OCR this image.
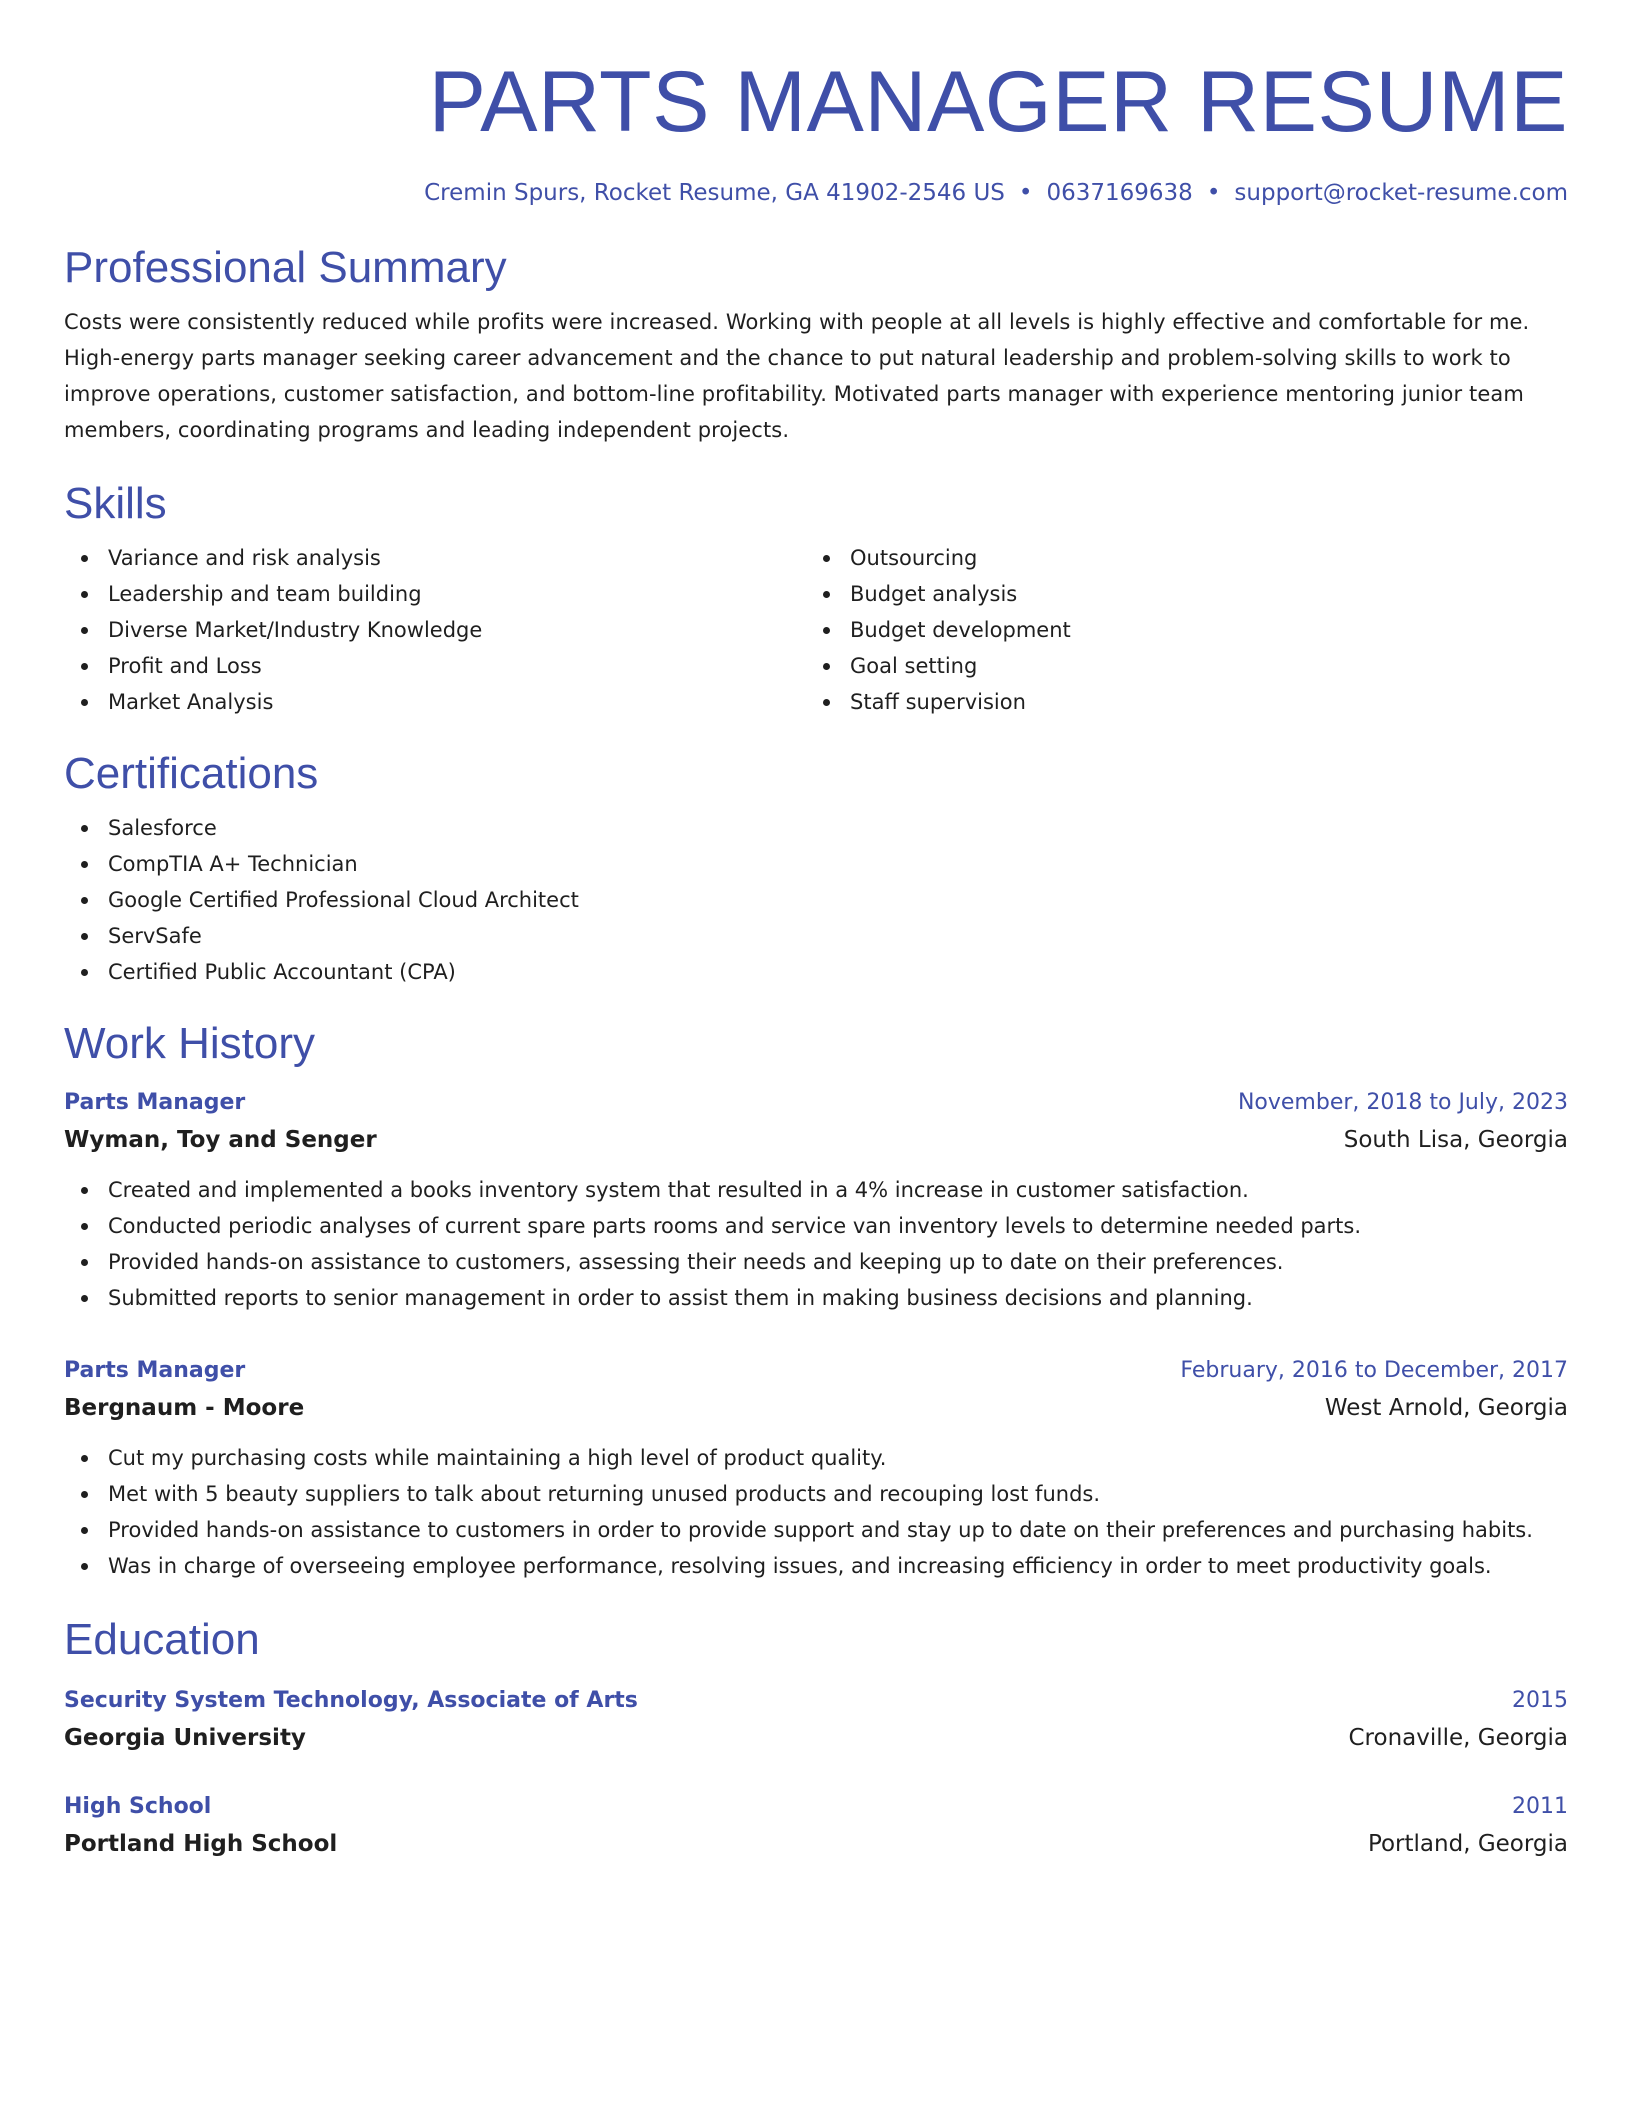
PARTS MANAGER RESUME
Cremin Spurs, Rocket Resume, GA 41902-2546 US • 0637169638 • support@rocket-resume.com
Professional Summary

Costs were consistently reduced while profits were increased. Working with people at all levels is highly effective and comfortable for me. High-energy parts manager seeking career advancement and the chance to put natural leadership and problem-solving skills to work to improve operations, customer satisfaction, and bottom-line profitability. Motivated parts manager with experience mentoring junior team members, coordinating programs and leading independent projects.

Skills
Variance and risk analysis
Leadership and team building
Diverse Market/Industry Knowledge
Profit and Loss
Market Analysis
Outsourcing
Budget analysis
Budget development
Goal setting
Staff supervision
Certifications
Salesforce
CompTIA A+ Technician
Google Certified Professional Cloud Architect
ServSafe
Certified Public Accountant (CPA)
Work History
Parts Manager	November, 2018 to July, 2023
Wyman, Toy and Senger	South Lisa, Georgia
Created and implemented a books inventory system that resulted in a 4% increase in customer satisfaction.
Conducted periodic analyses of current spare parts rooms and service van inventory levels to determine needed parts.
Provided hands-on assistance to customers, assessing their needs and keeping up to date on their preferences.
Submitted reports to senior management in order to assist them in making business decisions and planning.
Parts Manager	February, 2016 to December, 2017
Bergnaum - Moore	West Arnold, Georgia
Cut my purchasing costs while maintaining a high level of product quality.
Met with 5 beauty suppliers to talk about returning unused products and recouping lost funds.
Provided hands-on assistance to customers in order to provide support and stay up to date on their preferences and purchasing habits.
Was in charge of overseeing employee performance, resolving issues, and increasing efficiency in order to meet productivity goals.
Education
Security System Technology, Associate of Arts	2015
Georgia University	Cronaville, Georgia
High School	2011
Portland High School	Portland, Georgia
